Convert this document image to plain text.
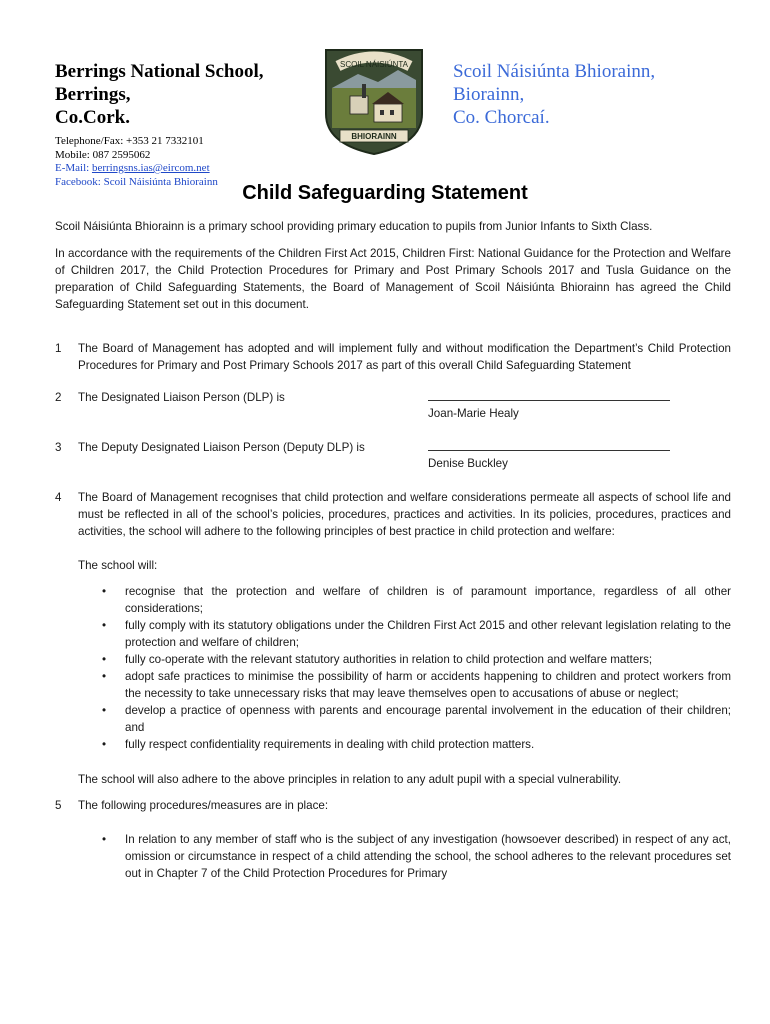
Berrings National School,
Berrings,
Co.Cork.
Telephone/Fax: +353 21 7332101
Mobile: 087 2595062
E-Mail: berringsns.ias@eircom.net
Facebook: Scoil Náisiúnta Bhiorainn
SCOIL NÁISIÚNTA
BHIORAINN
Scoil Náisiúnta Bhiorainn,
Biorainn,
Co. Chorcaí.
Child Safeguarding Statement

Scoil Náisiúnta Bhiorainn is a primary school providing primary education to pupils from Junior Infants to Sixth Class.

In accordance with the requirements of the Children First Act 2015, Children First: National Guidance for the Protection and Welfare of Children 2017, the Child Protection Procedures for Primary and Post Primary Schools 2017 and Tusla Guidance on the preparation of Child Safeguarding Statements, the Board of Management of Scoil Náisiúnta Bhiorainn has agreed the Child Safeguarding Statement set out in this document.

1 The Board of Management has adopted and will implement fully and without modification the Department’s Child Protection Procedures for Primary and Post Primary Schools 2017 as part of this overall Child Safeguarding Statement
2 The Designated Liaison Person (DLP) is
Joan-Marie Healy
3 The Deputy Designated Liaison Person (Deputy DLP) is
Denise Buckley
4 The Board of Management recognises that child protection and welfare considerations permeate all aspects of school life and must be reflected in all of the school’s policies, procedures, practices and activities. In its policies, procedures, practices and activities, the school will adhere to the following principles of best practice in child protection and welfare:
The school will:
• recognise that the protection and welfare of children is of paramount importance, regardless of all other considerations;
• fully comply with its statutory obligations under the Children First Act 2015 and other relevant legislation relating to the protection and welfare of children;
• fully co-operate with the relevant statutory authorities in relation to child protection and welfare matters;
• adopt safe practices to minimise the possibility of harm or accidents happening to children and protect workers from the necessity to take unnecessary risks that may leave themselves open to accusations of abuse or neglect;
• develop a practice of openness with parents and encourage parental involvement in the education of their children; and
• fully respect confidentiality requirements in dealing with child protection matters.
The school will also adhere to the above principles in relation to any adult pupil with a special vulnerability.
5 The following procedures/measures are in place:
• In relation to any member of staff who is the subject of any investigation (howsoever described) in respect of any act, omission or circumstance in respect of a child attending the school, the school adheres to the relevant procedures set out in Chapter 7 of the Child Protection Procedures for Primary
